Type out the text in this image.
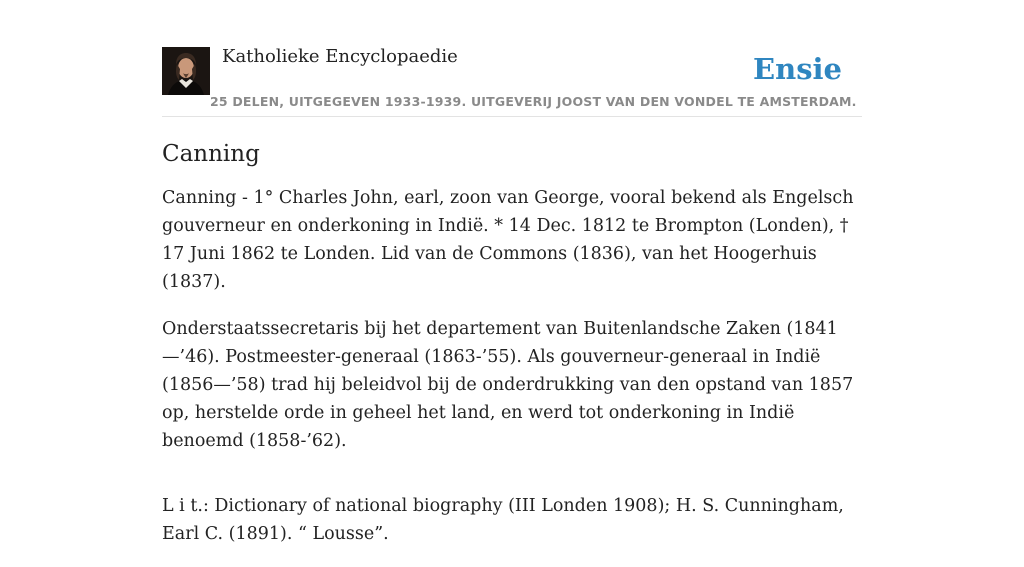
Katholieke Encyclopaedie	Ensie
25 DELEN, UITGEGEVEN 1933-1939. UITGEVERIJ JOOST VAN DEN VONDEL TE AMSTERDAM.
Canning

Canning - 1° Charles John, earl, zoon van George, vooral bekend als Engelsch gouverneur en onderkoning in Indië. * 14 Dec. 1812 te Brompton (Londen), † 17 Juni 1862 te Londen. Lid van de Commons (1836), van het Hoogerhuis (1837).

Onderstaatssecretaris bij het departement van Buitenlandsche Zaken (1841—’46). Postmeester-generaal (1863-’55). Als gouverneur-generaal in Indië (1856—’58) trad hij beleidvol bij de onderdrukking van den opstand van 1857 op, herstelde orde in geheel het land, en werd tot onderkoning in Indië benoemd (1858-’62).

L i t.: Dictionary of national biography (III Londen 1908); H. S. Cunningham, Earl C. (1891). “ Lousse”.
